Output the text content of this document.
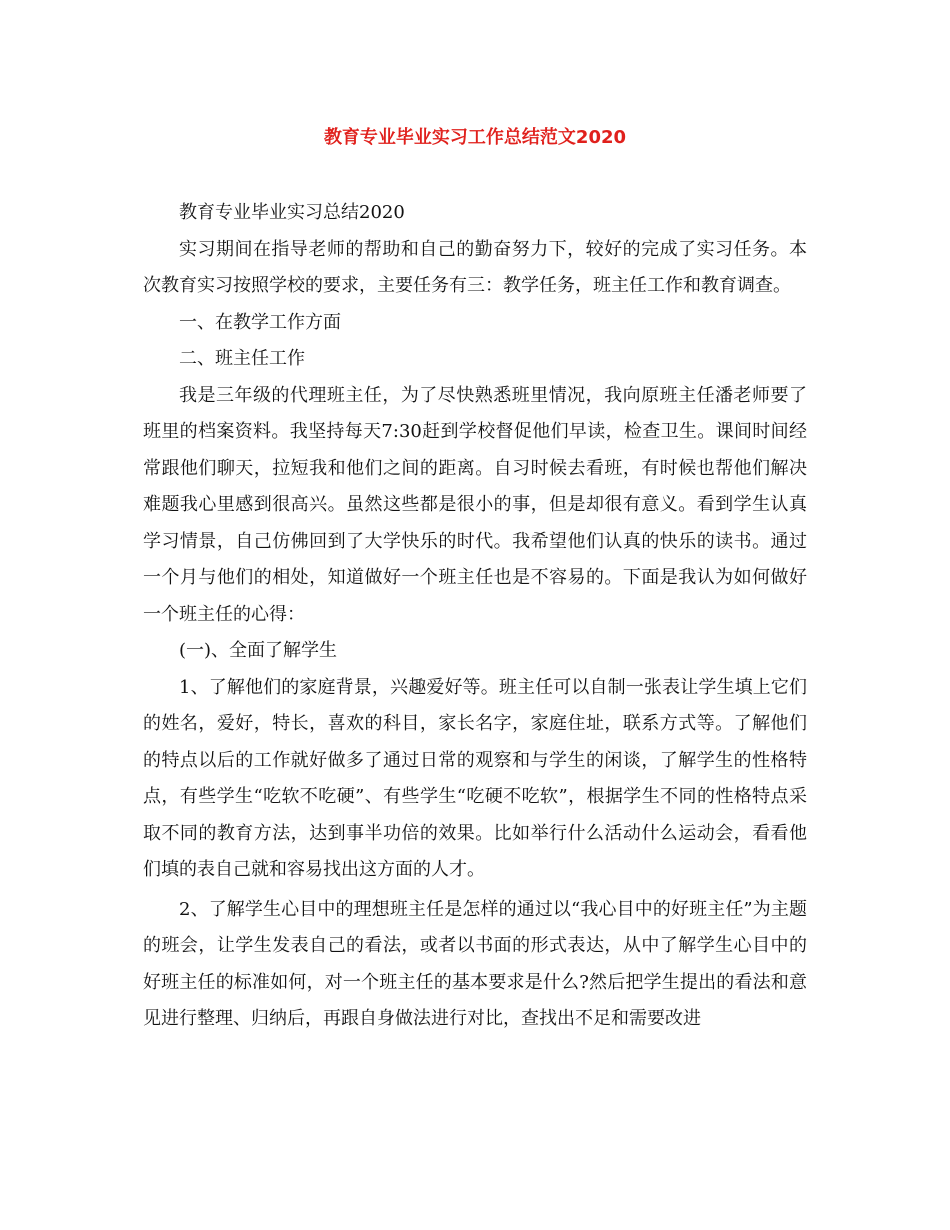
教育专业毕业实习工作总结范文2020

教育专业毕业实习总结2020

实习期间在指导老师的帮助和自己的勤奋努力下，较好的完成了实习任务。本次教育实习按照学校的要求，主要任务有三：教学任务，班主任工作和教育调查。

一、在教学工作方面

二、班主任工作

我是三年级的代理班主任，为了尽快熟悉班里情况，我向原班主任潘老师要了班里的档案资料。我坚持每天7:30赶到学校督促他们早读，检查卫生。课间时间经常跟他们聊天，拉短我和他们之间的距离。自习时候去看班，有时候也帮他们解决难题我心里感到很高兴。虽然这些都是很小的事，但是却很有意义。看到学生认真学习情景，自己仿佛回到了大学快乐的时代。我希望他们认真的快乐的读书。通过一个月与他们的相处，知道做好一个班主任也是不容易的。下面是我认为如何做好一个班主任的心得：

(一)、全面了解学生

1、了解他们的家庭背景，兴趣爱好等。班主任可以自制一张表让学生填上它们的姓名，爱好，特长，喜欢的科目，家长名字，家庭住址，联系方式等。了解他们的特点以后的工作就好做多了通过日常的观察和与学生的闲谈，了解学生的性格特点，有些学生“吃软不吃硬”、有些学生“吃硬不吃软”，根据学生不同的性格特点采取不同的教育方法，达到事半功倍的效果。比如举行什么活动什么运动会，看看他们填的表自己就和容易找出这方面的人才。

2、了解学生心目中的理想班主任是怎样的通过以“我心目中的好班主任”为主题的班会，让学生发表自己的看法，或者以书面的形式表达，从中了解学生心目中的好班主任的标准如何，对一个班主任的基本要求是什么?然后把学生提出的看法和意见进行整理、归纳后，再跟自身做法进行对比，查找出不足和需要改进
